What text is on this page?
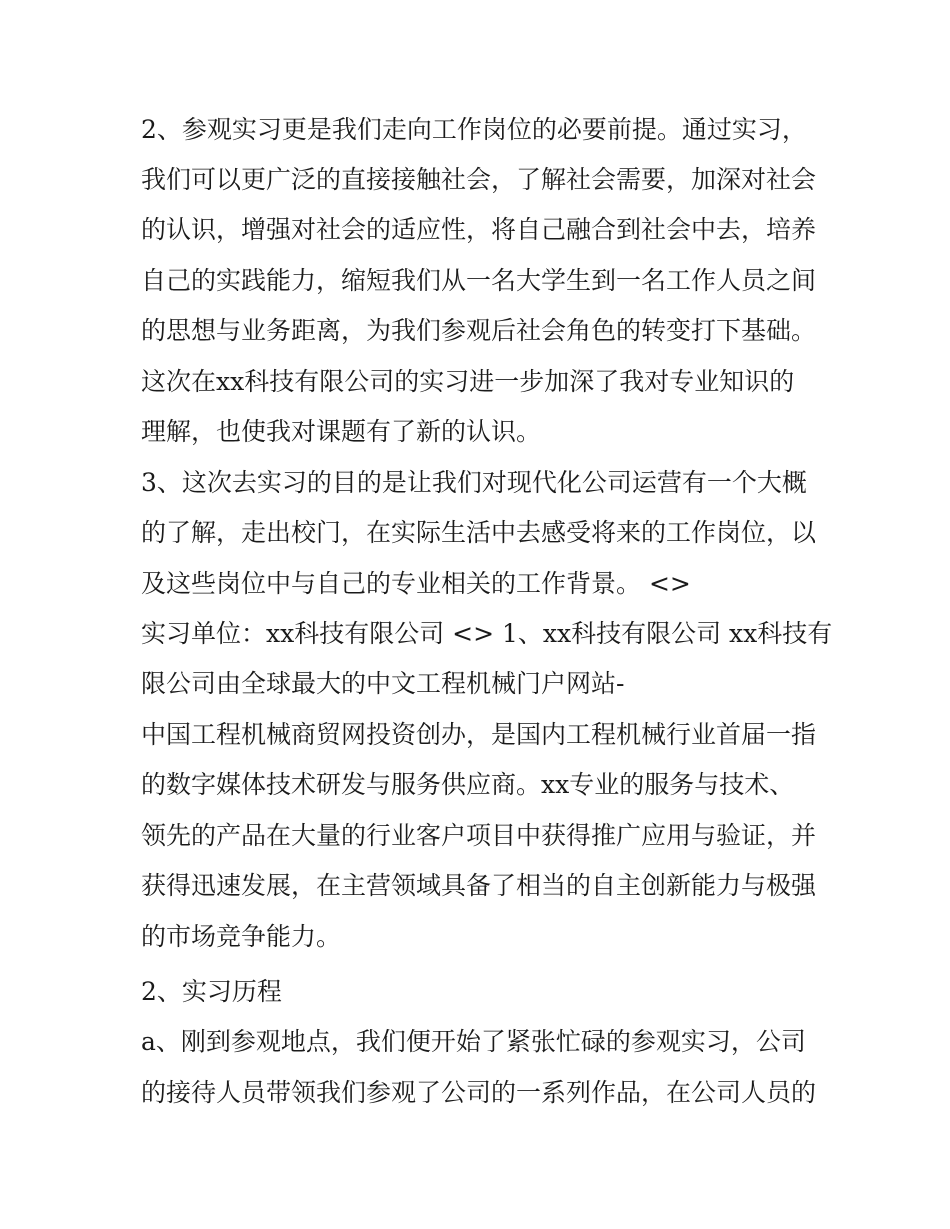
2、参观实习更是我们走向工作岗位的必要前提。通过实习，
我们可以更广泛的直接接触社会，了解社会需要，加深对社会
的认识，增强对社会的适应性，将自己融合到社会中去，培养
自己的实践能力，缩短我们从一名大学生到一名工作人员之间
的思想与业务距离，为我们参观后社会角色的转变打下基础。
这次在xx科技有限公司的实习进一步加深了我对专业知识的
理解，也使我对课题有了新的认识。
3、这次去实习的目的是让我们对现代化公司运营有一个大概
的了解，走出校门，在实际生活中去感受将来的工作岗位，以
及这些岗位中与自己的专业相关的工作背景。 <>
实习单位：xx科技有限公司 <> 1、xx科技有限公司 xx科技有
限公司由全球最大的中文工程机械门户网站-
中国工程机械商贸网投资创办，是国内工程机械行业首届一指
的数字媒体技术研发与服务供应商。xx专业的服务与技术、
领先的产品在大量的行业客户项目中获得推广应用与验证，并
获得迅速发展，在主营领域具备了相当的自主创新能力与极强
的市场竞争能力。
2、实习历程
a、刚到参观地点，我们便开始了紧张忙碌的参观实习，公司
的接待人员带领我们参观了公司的一系列作品，在公司人员的
